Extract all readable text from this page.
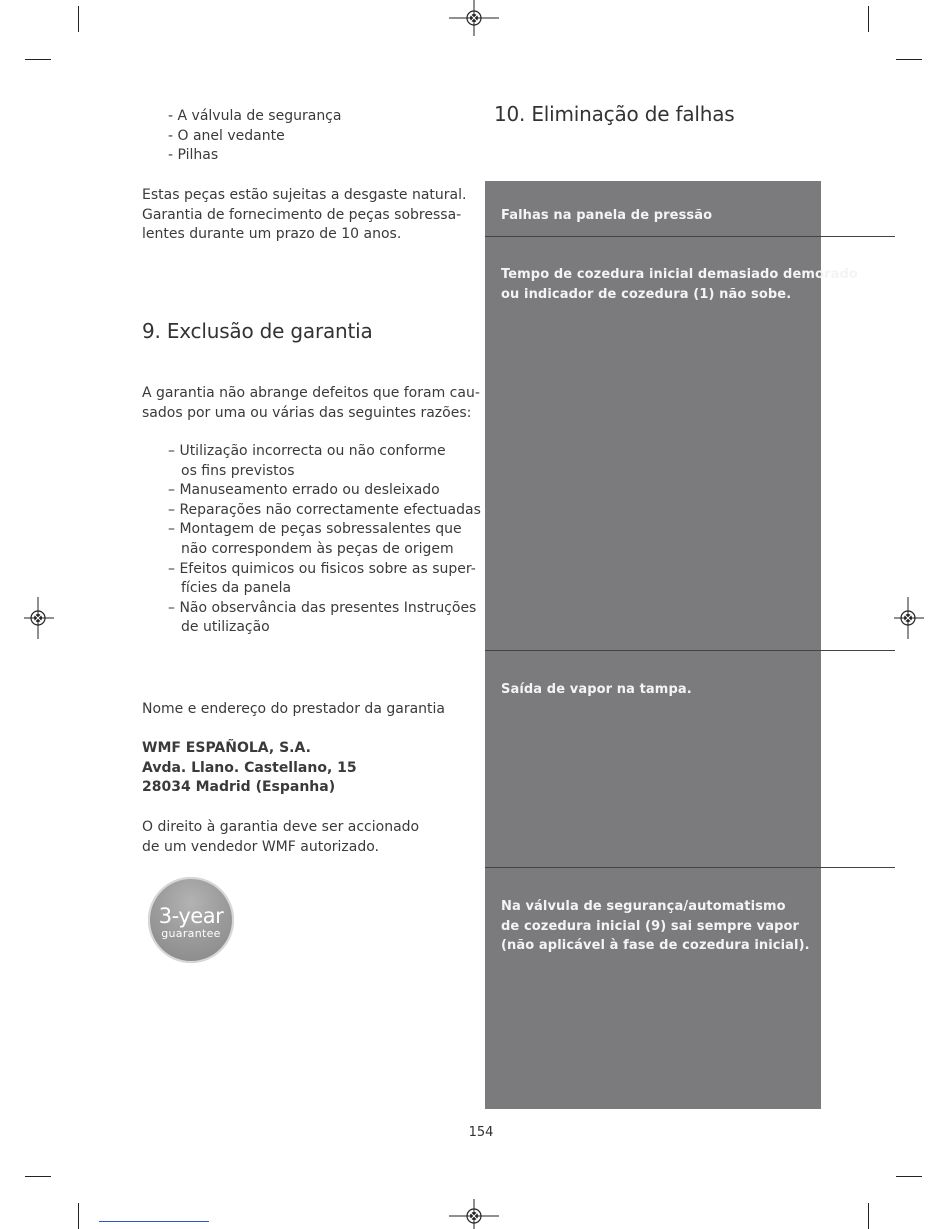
- A válvula de segurança
- O anel vedante
- Pilhas
Estas peças estão sujeitas a desgaste natural.
Garantia de fornecimento de peças sobressa-
lentes durante um prazo de 10 anos.
9. Exclusão de garantia
A garantia não abrange defeitos que foram cau-
sados por uma ou várias das seguintes razões:
– Utilização incorrecta ou não conforme
os fins previstos
– Manuseamento errado ou desleixado
– Reparações não correctamente efectuadas
– Montagem de peças sobressalentes que
não correspondem às peças de origem
– Efeitos quimicos ou fisicos sobre as super-
fícies da panela
– Não observância das presentes Instruções
de utilização
Nome e endereço do prestador da garantia
WMF ESPAÑOLA, S.A.
Avda. Llano. Castellano, 15
28034 Madrid (Espanha)
O direito à garantia deve ser accionado
de um vendedor WMF autorizado.
3-year
guarantee
10. Eliminação de falhas
Falhas na panela de pressão
Tempo de cozedura inicial demasiado demorado
ou indicador de cozedura (1) não sobe.
Saída de vapor na tampa.
Na válvula de segurança/automatismo
de cozedura inicial (9) sai sempre vapor
(não aplicável à fase de cozedura inicial).
154
